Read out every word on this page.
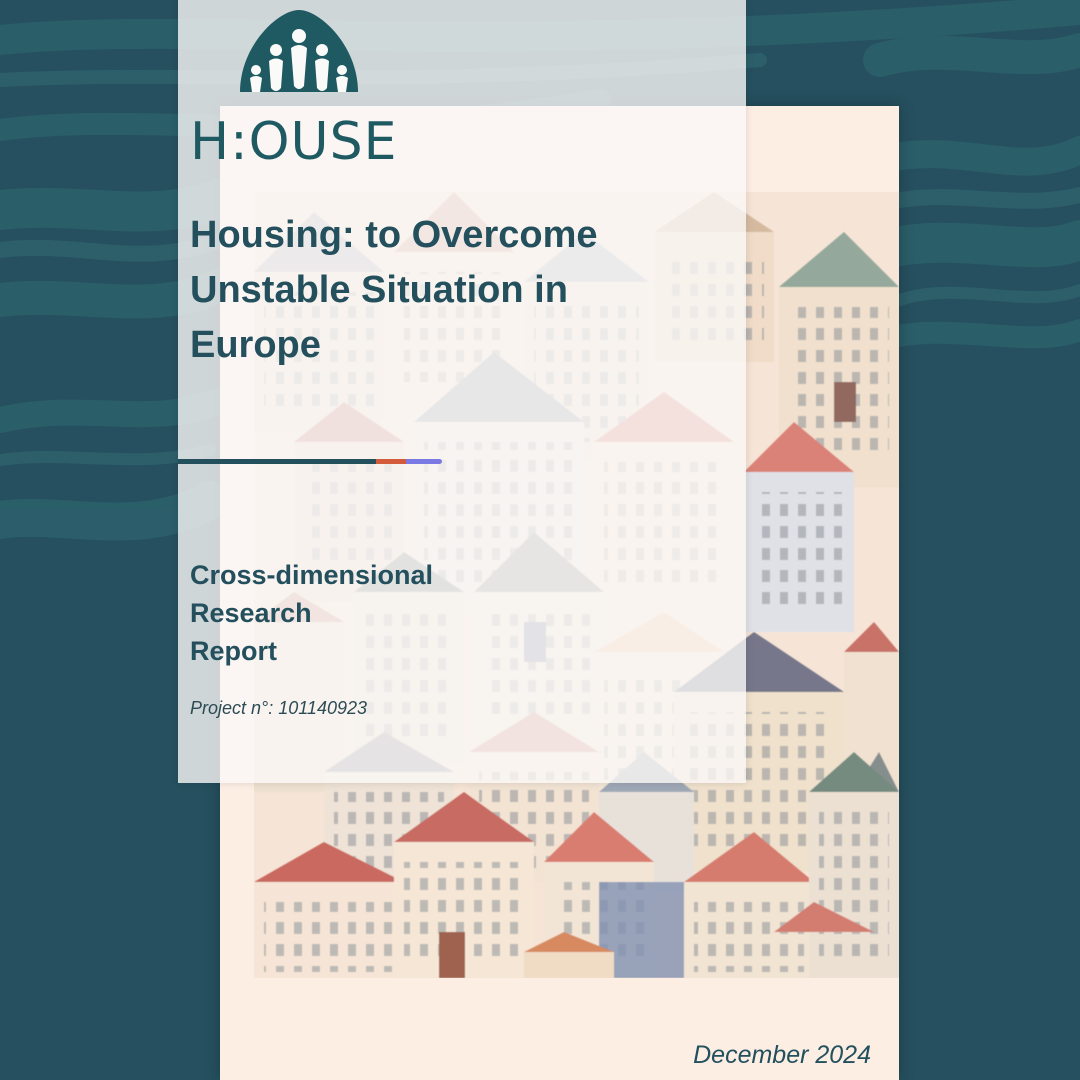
December 2024
H:OUSE
Housing: to Overcome
Unstable Situation in
Europe
Cross-dimensional
Research
Report
Project n°: 101140923
